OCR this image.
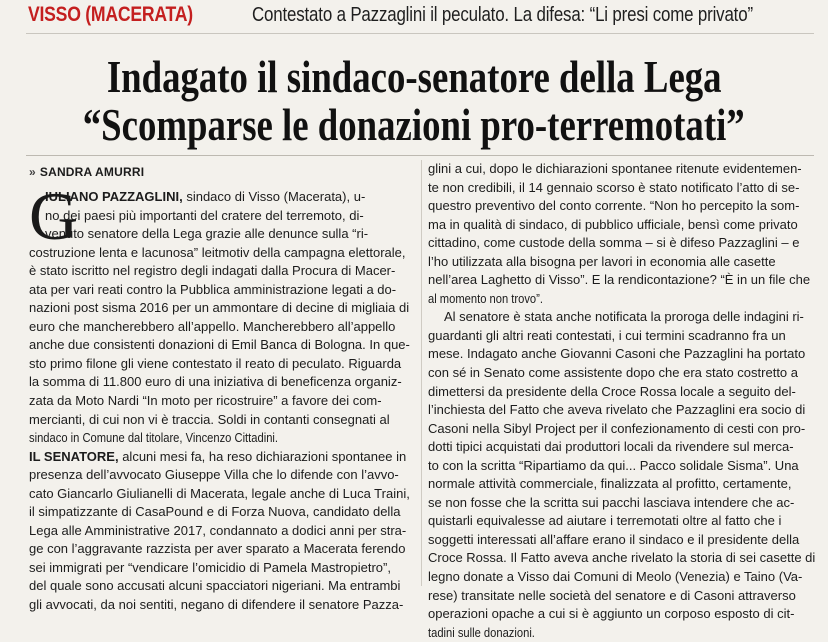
VISSO (MACERATA)	Contestato a Pazzaglini il peculato. La difesa: “Li presi come privato”
Indagato il sindaco-senatore della Lega
“Scomparse le donazioni pro-terremotati”
» SANDRA AMURRI
IULIANO PAZZAGLINI, sindaco di Visso (Macerata), u-
no dei paesi più importanti del cratere del terremoto, di-
venuto senatore della Lega grazie alle denunce sulla “ri-
costruzione lenta e lacunosa” leitmotiv della campagna elettorale,
è stato iscritto nel registro degli indagati dalla Procura di Macer-
ata per vari reati contro la Pubblica amministrazione legati a do-
nazioni post sisma 2016 per un ammontare di decine di migliaia di
euro che mancherebbero all’appello. Mancherebbero all’appello
anche due consistenti donazioni di Emil Banca di Bologna. In que-
sto primo filone gli viene contestato il reato di peculato. Riguarda
la somma di 11.800 euro di una iniziativa di beneficenza organiz-
zata da Moto Nardi “In moto per ricostruire” a favore dei com-
mercianti, di cui non vi è traccia. Soldi in contanti consegnati al
sindaco in Comune dal titolare, Vincenzo Cittadini.
IL SENATORE, alcuni mesi fa, ha reso dichiarazioni spontanee in
presenza dell’avvocato Giuseppe Villa che lo difende con l’avvo-
cato Giancarlo Giulianelli di Macerata, legale anche di Luca Traini,
il simpatizzante di CasaPound e di Forza Nuova, candidato della
Lega alle Amministrative 2017, condannato a dodici anni per stra-
ge con l’aggravante razzista per aver sparato a Macerata ferendo
sei immigrati per “vendicare l’omicidio di Pamela Mastropietro”,
del quale sono accusati alcuni spacciatori nigeriani. Ma entrambi
gli avvocati, da noi sentiti, negano di difendere il senatore Pazza-
G
glini a cui, dopo le dichiarazioni spontanee ritenute evidentemen-
te non credibili, il 14 gennaio scorso è stato notificato l’atto di se-
questro preventivo del conto corrente. “Non ho percepito la som-
ma in qualità di sindaco, di pubblico ufficiale, bensì come privato
cittadino, come custode della somma – si è difeso Pazzaglini – e
l’ho utilizzata alla bisogna per lavori in economia alle casette
nell’area Laghetto di Visso”. E la rendicontazione? “È in un file che
al momento non trovo”.
Al senatore è stata anche notificata la proroga delle indagini ri-
guardanti gli altri reati contestati, i cui termini scadranno fra un
mese. Indagato anche Giovanni Casoni che Pazzaglini ha portato
con sé in Senato come assistente dopo che era stato costretto a
dimettersi da presidente della Croce Rossa locale a seguito del-
l’inchiesta del Fatto che aveva rivelato che Pazzaglini era socio di
Casoni nella Sibyl Project per il confezionamento di cesti con pro-
dotti tipici acquistati dai produttori locali da rivendere sul merca-
to con la scritta “Ripartiamo da qui... Pacco solidale Sisma”. Una
normale attività commerciale, finalizzata al profitto, certamente,
se non fosse che la scritta sui pacchi lasciava intendere che ac-
quistarli equivalesse ad aiutare i terremotati oltre al fatto che i
soggetti interessati all’affare erano il sindaco e il presidente della
Croce Rossa. Il Fatto aveva anche rivelato la storia di sei casette di
legno donate a Visso dai Comuni di Meolo (Venezia) e Taino (Va-
rese) transitate nelle società del senatore e di Casoni attraverso
operazioni opache a cui si è aggiunto un corposo esposto di cit-
tadini sulle donazioni.
